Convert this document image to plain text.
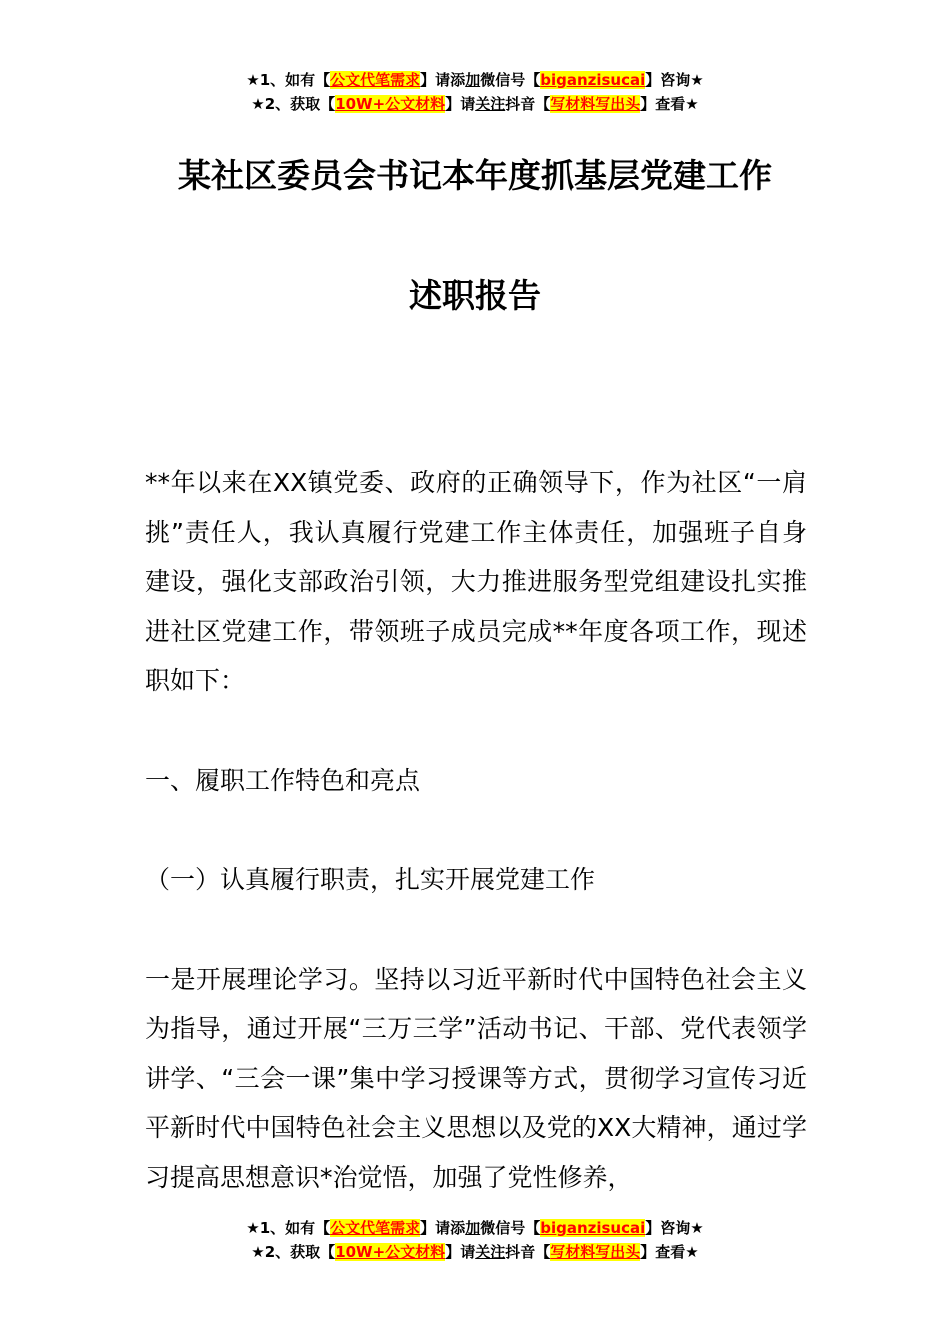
★1、如有【公文代笔需求】请添加微信号【biganzisucai】咨询★
★2、获取【10W+公文材料】请关注抖音【写材料写出头】查看★
某社区委员会书记本年度抓基层党建工作
述职报告

**年以来在XX镇党委、政府的正确领导下，作为社区“一肩挑”责任人，我认真履行党建工作主体责任，加强班子自身建设，强化支部政治引领，大力推进服务型党组建设扎实推进社区党建工作，带领班子成员完成**年度各项工作，现述职如下：

一、履职工作特色和亮点

（一）认真履行职责，扎实开展党建工作

一是开展理论学习。坚持以习近平新时代中国特色社会主义为指导，通过开展“三万三学”活动书记、干部、党代表领学讲学、“三会一课”集中学习授课等方式，贯彻学习宣传习近平新时代中国特色社会主义思想以及党的XX大精神，通过学习提高思想意识*治觉悟，加强了党性修养，

★1、如有【公文代笔需求】请添加微信号【biganzisucai】咨询★
★2、获取【10W+公文材料】请关注抖音【写材料写出头】查看★
